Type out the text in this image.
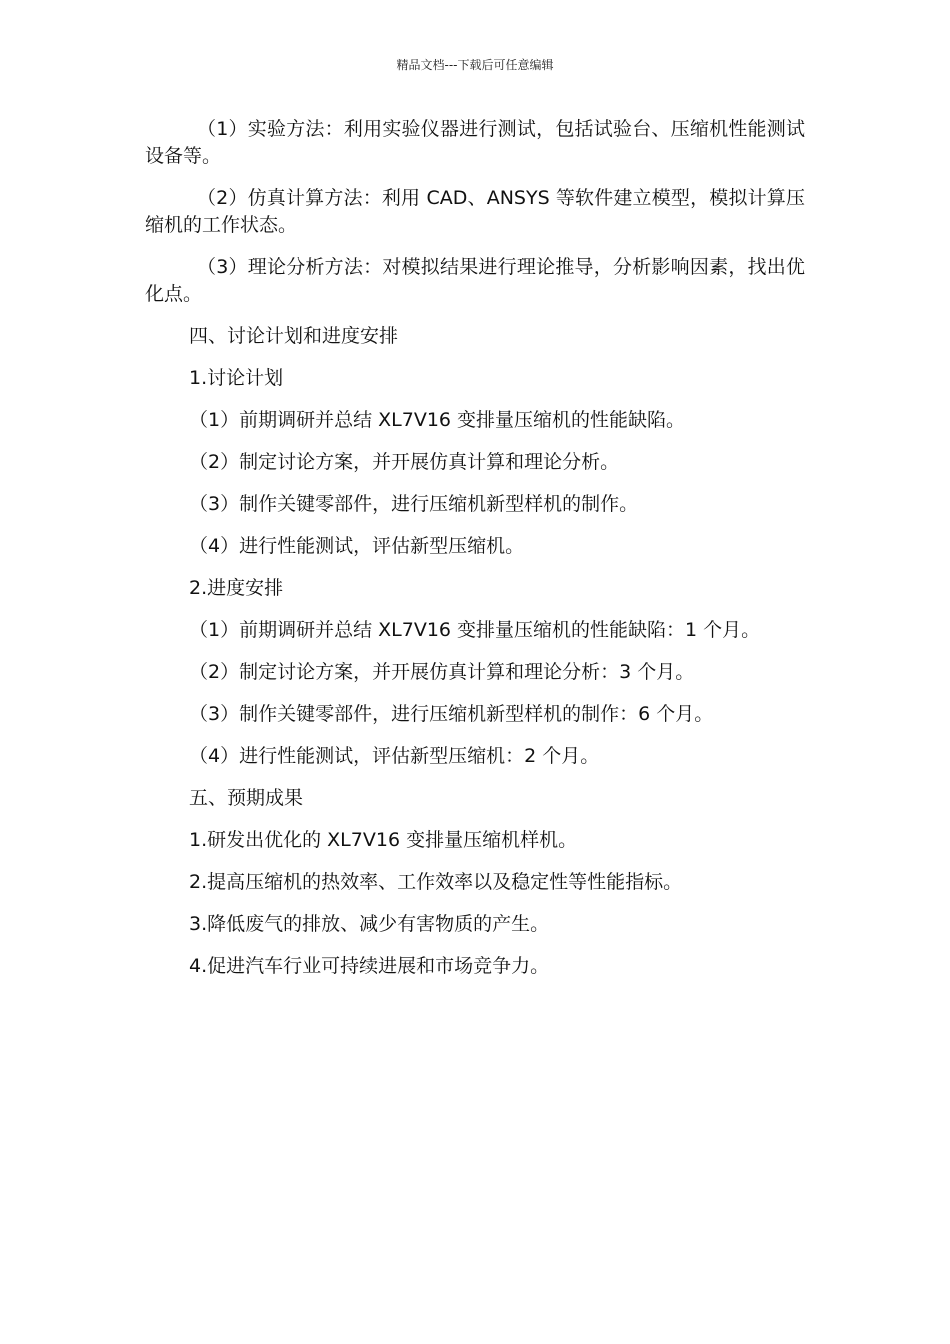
精品文档---下载后可任意编辑

（1）实验方法：利用实验仪器进行测试，包括试验台、压缩机性能测试设备等。

（2）仿真计算方法：利用 CAD、ANSYS 等软件建立模型，模拟计算压缩机的工作状态。

（3）理论分析方法：对模拟结果进行理论推导，分析影响因素，找出优化点。

四、讨论计划和进度安排

1.讨论计划

（1）前期调研并总结 XL7V16 变排量压缩机的性能缺陷。

（2）制定讨论方案，并开展仿真计算和理论分析。

（3）制作关键零部件，进行压缩机新型样机的制作。

（4）进行性能测试，评估新型压缩机。

2.进度安排

（1）前期调研并总结 XL7V16 变排量压缩机的性能缺陷：1 个月。

（2）制定讨论方案，并开展仿真计算和理论分析：3 个月。

（3）制作关键零部件，进行压缩机新型样机的制作：6 个月。

（4）进行性能测试，评估新型压缩机：2 个月。

五、预期成果

1.研发出优化的 XL7V16 变排量压缩机样机。

2.提高压缩机的热效率、工作效率以及稳定性等性能指标。

3.降低废气的排放、减少有害物质的产生。

4.促进汽车行业可持续进展和市场竞争力。
